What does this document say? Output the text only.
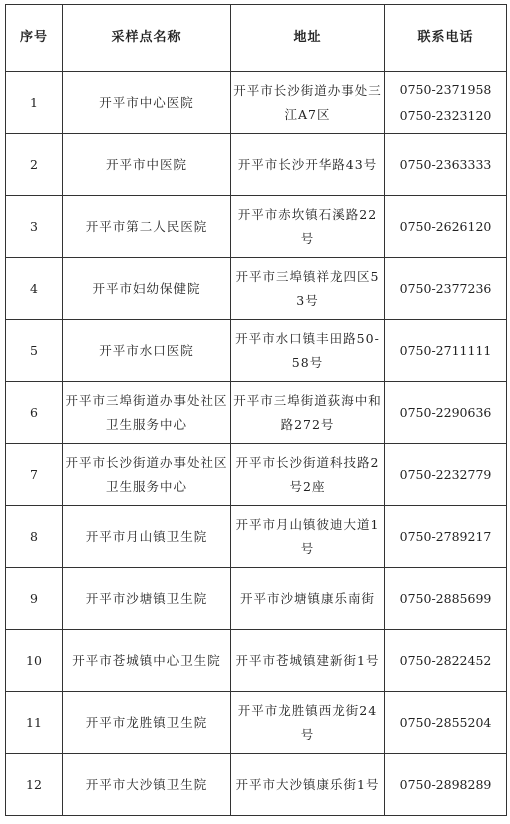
序号	采样点名称	地址	联系电话
1	开平市中心医院	开平市长沙街道办事处三江A7区	0750-2371958
0750-2323120

2	开平市中医院	开平市长沙开华路43号	0750-2363333

3	开平市第二人民医院	开平市赤坎镇石溪路22号	0750-2626120

4	开平市妇幼保健院	开平市三埠镇祥龙四区53号	0750-2377236

5	开平市水口医院	开平市水口镇丰田路50-58号	0750-2711111

6	开平市三埠街道办事处社区卫生服务中心	开平市三埠街道荻海中和路272号	0750-2290636

7	开平市长沙街道办事处社区卫生服务中心	开平市长沙街道科技路2号2座	0750-2232779

8	开平市月山镇卫生院	开平市月山镇彼迪大道1号	0750-2789217

9	开平市沙塘镇卫生院	开平市沙塘镇康乐南街	0750-2885699

10	开平市苍城镇中心卫生院	开平市苍城镇建新街1号	0750-2822452

11	开平市龙胜镇卫生院	开平市龙胜镇西龙街24号	0750-2855204

12	开平市大沙镇卫生院	开平市大沙镇康乐街1号	0750-2898289
